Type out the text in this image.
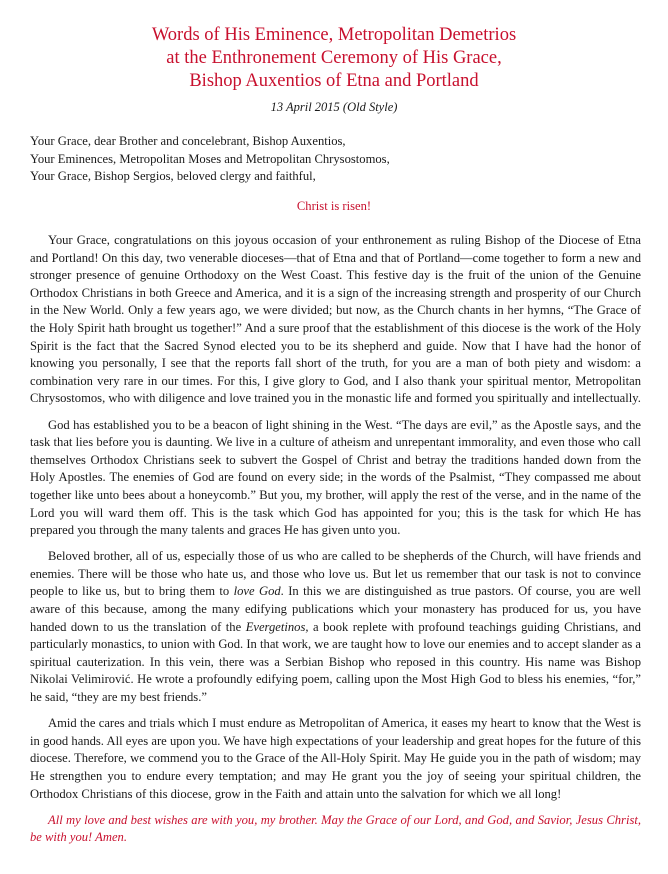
Words of His Eminence, Metropolitan Demetrios
at the Enthronement Ceremony of His Grace,
Bishop Auxentios of Etna and Portland
13 April 2015 (Old Style)
Your Grace, dear Brother and concelebrant, Bishop Auxentios,
Your Eminences, Metropolitan Moses and Metropolitan Chrysostomos,
Your Grace, Bishop Sergios, beloved clergy and faithful,
Christ is risen!

Your Grace, congratulations on this joyous occasion of your enthronement as ruling Bishop of the Diocese of Etna and Portland! On this day, two venerable dioceses—that of Etna and that of Portland—come together to form a new and stronger presence of genuine Orthodoxy on the West Coast. This festive day is the fruit of the union of the Genuine Orthodox Christians in both Greece and America, and it is a sign of the increasing strength and prosperity of our Church in the New World. Only a few years ago, we were divided; but now, as the Church chants in her hymns, “The Grace of the Holy Spirit hath brought us together!” And a sure proof that the establishment of this diocese is the work of the Holy Spirit is the fact that the Sacred Synod elected you to be its shepherd and guide. Now that I have had the honor of knowing you personally, I see that the reports fall short of the truth, for you are a man of both piety and wisdom: a combination very rare in our times. For this, I give glory to God, and I also thank your spiritual mentor, Metropolitan Chrysostomos, who with diligence and love trained you in the monastic life and formed you spiritually and intellectually.

God has established you to be a beacon of light shining in the West. “The days are evil,” as the Apostle says, and the task that lies before you is daunting. We live in a culture of atheism and unrepentant immorality, and even those who call themselves Orthodox Christians seek to subvert the Gospel of Christ and betray the traditions handed down from the Holy Apostles. The enemies of God are found on every side; in the words of the Psalmist, “They compassed me about together like unto bees about a honeycomb.” But you, my brother, will apply the rest of the verse, and in the name of the Lord you will ward them off. This is the task which God has appointed for you; this is the task for which He has prepared you through the many talents and graces He has given unto you.

Beloved brother, all of us, especially those of us who are called to be shepherds of the Church, will have friends and enemies. There will be those who hate us, and those who love us. But let us remember that our task is not to convince people to like us, but to bring them to love God. In this we are distinguished as true pastors. Of course, you are well aware of this because, among the many edifying publications which your monastery has produced for us, you have handed down to us the translation of the Evergetinos, a book replete with profound teachings guiding Christians, and particularly monastics, to union with God. In that work, we are taught how to love our enemies and to accept slander as a spiritual cauterization. In this vein, there was a Serbian Bishop who reposed in this country. His name was Bishop Nikolai Velimirović. He wrote a profoundly edifying poem, calling upon the Most High God to bless his enemies, “for,” he said, “they are my best friends.”

Amid the cares and trials which I must endure as Metropolitan of America, it eases my heart to know that the West is in good hands. All eyes are upon you. We have high expectations of your leadership and great hopes for the future of this diocese. Therefore, we commend you to the Grace of the All-Holy Spirit. May He guide you in the path of wisdom; may He strengthen you to endure every temptation; and may He grant you the joy of seeing your spiritual children, the Orthodox Christians of this diocese, grow in the Faith and attain unto the salvation for which we all long!

All my love and best wishes are with you, my brother. May the Grace of our Lord, and God, and Savior, Jesus Christ, be with you! Amen.
